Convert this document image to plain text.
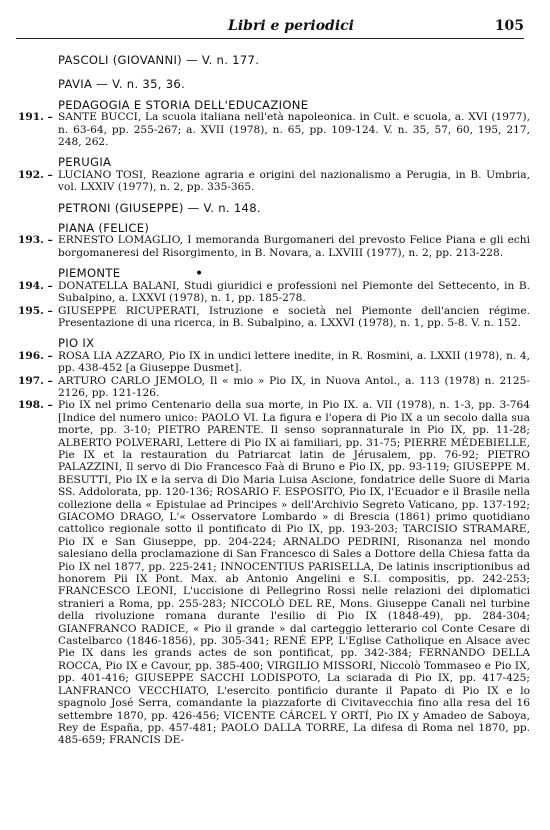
Libri e periodici	105
PASCOLI (GIOVANNI) — V. n. 177.
PAVIA — V. n. 35, 36.
PEDAGOGIA E STORIA DELL'EDUCAZIONE
191. – SANTE BUCCI, La scuola italiana nell'età napoleonica. in Cult. e scuola, a. XVI (1977), n. 63-64, pp. 255-267; a. XVII (1978), n. 65, pp. 109-124. V. n. 35, 57, 60, 195, 217, 248, 262.
PERUGIA
192. – LUCIANO TOSI, Reazione agraria e origini del nazionalismo a Perugia, in B. Umbria, vol. LXXIV (1977), n. 2, pp. 335-365.
PETRONI (GIUSEPPE) — V. n. 148.
PIANA (FELICE)
193. – ERNESTO LOMAGLIO, I memoranda Burgomaneri del prevosto Felice Piana e gli echi borgomaneresi del Risorgimento, in B. Novara, a. LXVIII (1977), n. 2, pp. 213-228.
PIEMONTE	•
194. – DONATELLA BALANI, Studi giuridici e professioni nel Piemonte del Settecento, in B. Subalpino, a. LXXVI (1978), n. 1, pp. 185-278.
195. – GIUSEPPE RICUPERATI, Istruzione e società nel Piemonte dell'ancien régime. Presentazione di una ricerca, in B. Subalpino, a. LXXVI (1978), n. 1, pp. 5-8. V. n. 152.
PIO IX
196. – ROSA LIA AZZARO, Pio IX in undici lettere inedite, in R. Rosmini, a. LXXII (1978), n. 4, pp. 438-452 [a Giuseppe Dusmet].
197. – ARTURO CARLO JEMOLO, Il « mio » Pio IX, in Nuova Antol., a. 113 (1978) n. 2125-2126, pp. 121-126.
198. – Pio IX nel primo Centenario della sua morte, in Pio IX. a. VII (1978), n. 1-3, pp. 3-764 [Indice del numero unico: PAOLO VI. La figura e l'opera di Pio IX a un secolo dalla sua morte, pp. 3-10; PIETRO PARENTE. Il senso soprannaturale in Pio IX, pp. 11-28; ALBERTO POLVERARI, Lettere di Pio IX ai familiari, pp. 31-75; PIERRE MÉDEBIELLE, Pie IX et la restauration du Patriarcat latin de Jérusalem, pp. 76-92; PIETRO PALAZZINI, Il servo di Dio Francesco Faà di Bruno e Pio IX, pp. 93-119; GIUSEPPE M. BESUTTI, Pio IX e la serva di Dio Maria Luisa Ascione, fondatrice delle Suore di Maria SS. Addolorata, pp. 120-136; ROSARIO F. ESPOSITO, Pio IX, l'Ecuador e il Brasile nella collezione della « Epistulae ad Principes » dell'Archivio Segreto Vaticano, pp. 137-192; GIACOMO DRAGO, L'« Osservatore Lombardo » di Brescia (1861) primo quotidiano cattolico regionale sotto il pontificato di Pio IX, pp. 193-203; TARCISIO STRAMARE, Pio IX e San Giuseppe, pp. 204-224; ARNALDO PEDRINI, Risonanza nel mondo salesiano della proclamazione di San Francesco di Sales a Dottore della Chiesa fatta da Pio IX nel 1877, pp. 225-241; INNOCENTIUS PARISELLA, De latinis inscriptionibus ad honorem Pii IX Pont. Max. ab Antonio Angelini e S.I. compositis, pp. 242-253; FRANCESCO LEONI, L'uccisione di Pellegrino Rossi nelle relazioni dei diplomatici stranieri a Roma, pp. 255-283; NICCOLÒ DEL RE, Mons. Giuseppe Canali nel turbine della rivoluzione romana durante l'esilio di Pio IX (1848-49), pp. 284-304; GIANFRANCO RADICE, « Pio il grande » dal carteggio letterario col Conte Cesare di Castelbarco (1846-1856), pp. 305-341; RENÉ EPP, L'Eglise Catholique en Alsace avec Pie IX dans les grands actes de son pontificat, pp. 342-384; FERNANDO DELLA ROCCA, Pio IX e Cavour, pp. 385-400; VIRGILIO MISSORI, Niccolò Tommaseo e Pio IX, pp. 401-416; GIUSEPPE SACCHI LODISPOTO, La sciarada di Pio IX, pp. 417-425; LANFRANCO VECCHIATO, L'esercito pontificio durante il Papato di Pio IX e lo spagnolo José Serra, comandante la piazzaforte di Civitavecchia fino alla resa del 16 settembre 1870, pp. 426-456; VICENTE CÁRCEL Y ORTÍ, Pio IX y Amadeo de Saboya, Rey de España, pp. 457-481; PAOLO DALLA TORRE, La difesa di Roma nel 1870, pp. 485-659; FRANCIS DE-
